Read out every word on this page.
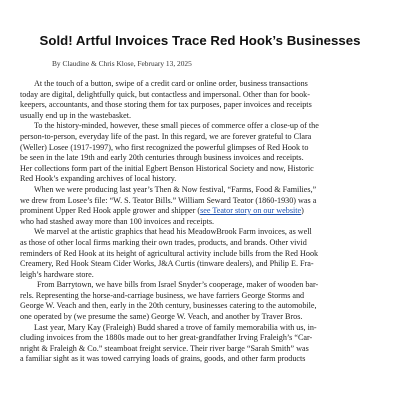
Sold! Artful Invoices Trace Red Hook’s Businesses
By Claudine & Chris Klose, February 13, 2025

At the touch of a button, swipe of a credit card or online order, business transactions
today are digital, delightfully quick, but contactless and impersonal. Other than for book-
keepers, accountants, and those storing them for tax purposes, paper invoices and receipts
usually end up in the wastebasket.

To the history-minded, however, these small pieces of commerce offer a close-up of the
person-to-person, everyday life of the past. In this regard, we are forever grateful to Clara
(Weller) Losee (1917-1997), who first recognized the powerful glimpses of Red Hook to
be seen in the late 19th and early 20th centuries through business invoices and receipts.
Her collections form part of the initial Egbert Benson Historical Society and now, Historic
Red Hook’s expanding archives of local history.

When we were producing last year’s Then & Now festival, “Farms, Food & Families,”
we drew from Losee’s file: “W. S. Teator Bills.” William Seward Teator (1860-1930) was a
prominent Upper Red Hook apple grower and shipper (see Teator story on our website)
who had stashed away more than 100 invoices and receipts.

We marvel at the artistic graphics that head his MeadowBrook Farm invoices, as well
as those of other local firms marking their own trades, products, and brands. Other vivid
reminders of Red Hook at its height of agricultural activity include bills from the Red Hook
Creamery, Red Hook Steam Cider Works, J&A Curtis (tinware dealers), and Philip E. Fra-
leigh’s hardware store.

From Barrytown, we have bills from Israel Snyder’s cooperage, maker of wooden bar-
rels. Representing the horse-and-carriage business, we have farriers George Storms and
George W. Veach and then, early in the 20th century, businesses catering to the automobile,
one operated by (we presume the same) George W. Veach, and another by Traver Bros.

Last year, Mary Kay (Fraleigh) Budd shared a trove of family memorabilia with us, in-
cluding invoices from the 1880s made out to her great-grandfather Irving Fraleigh’s “Car-
nright & Fraleigh & Co.” steamboat freight service. Their river barge “Sarah Smith” was
a familiar sight as it was towed carrying loads of grains, goods, and other farm products
